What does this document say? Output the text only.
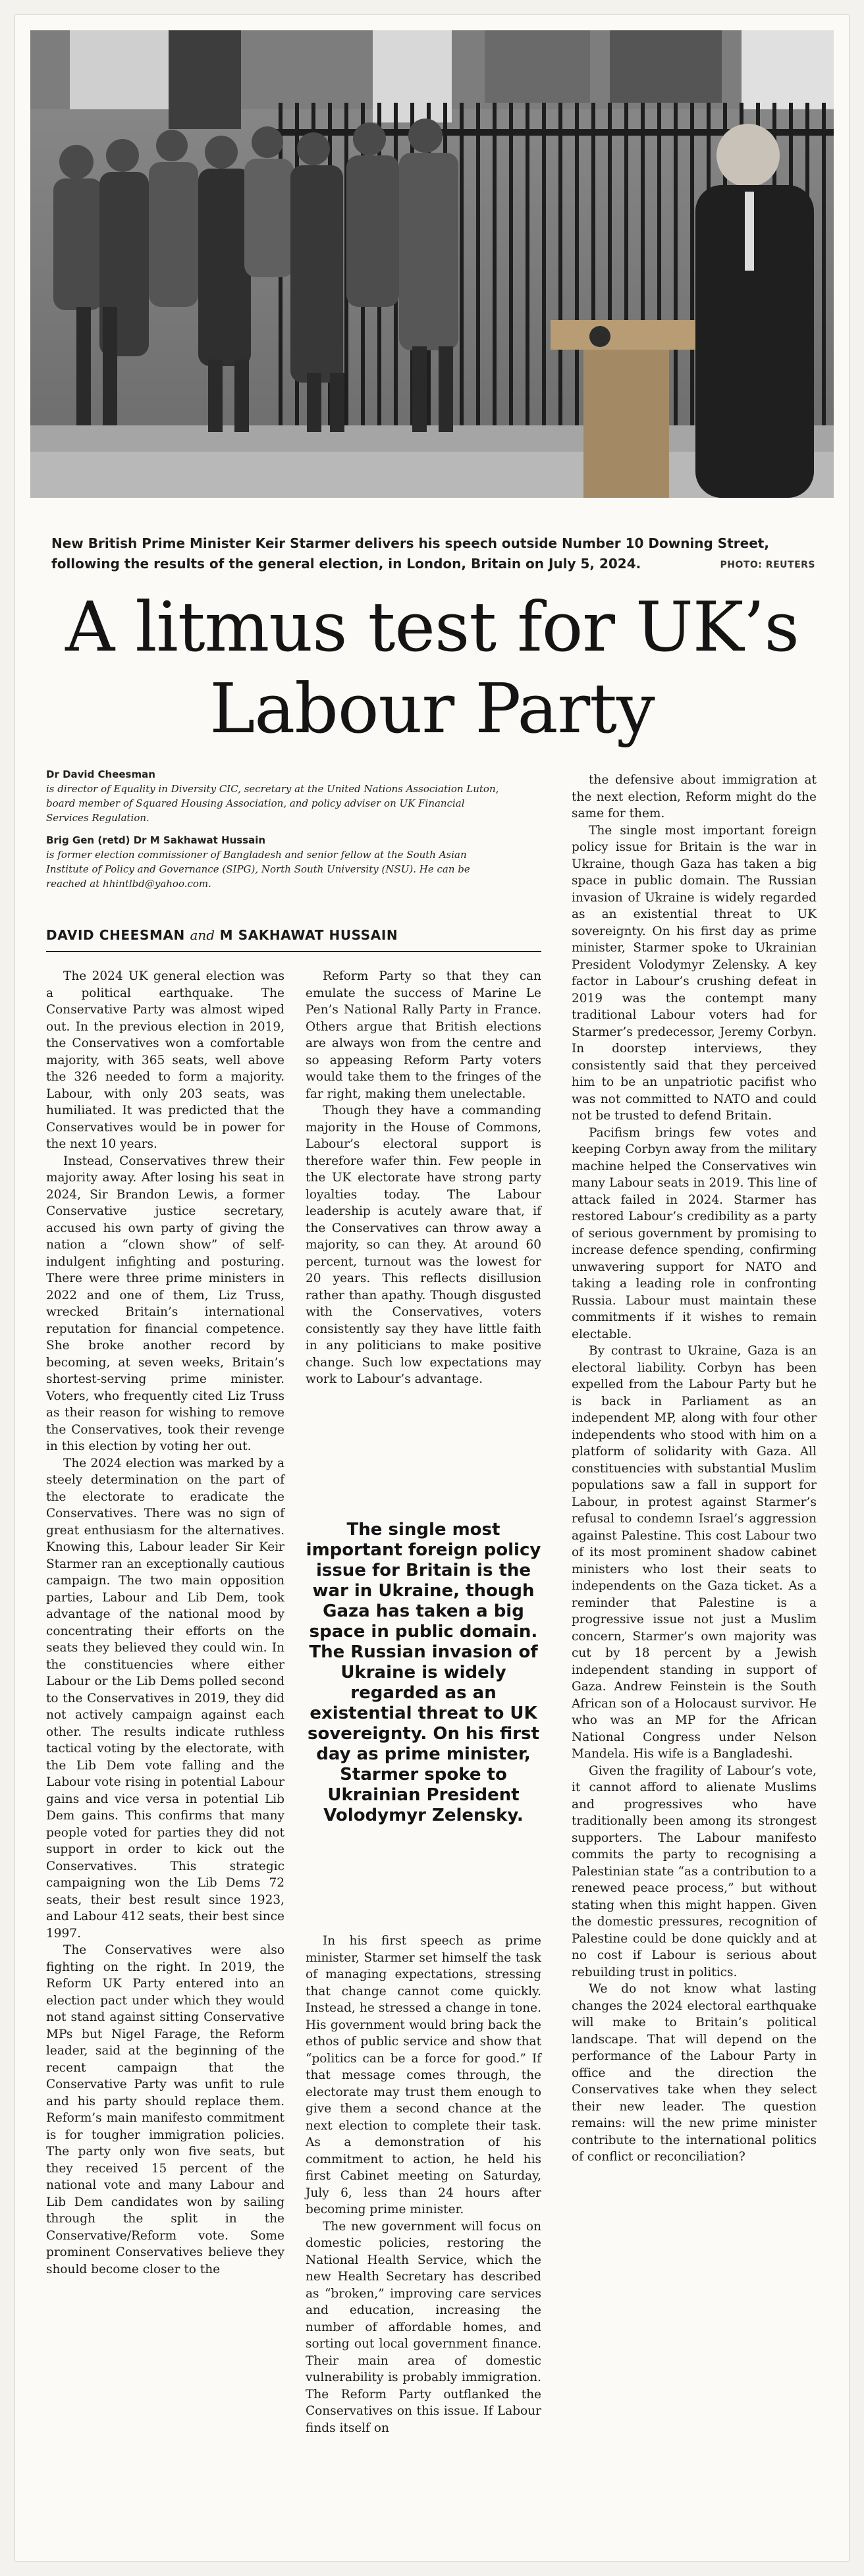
New British Prime Minister Keir Starmer delivers his speech outside Number 10 Downing Street, following the results of the general election, in London, Britain on July 5, 2024.	PHOTO: REUTERS
A litmus test for UK’s
Labour Party
Dr David Cheesman
is director of Equality in Diversity CIC, secretary at the United Nations Association Luton, board member of Squared Housing Association, and policy adviser on UK Financial Services Regulation.
Brig Gen (retd) Dr M Sakhawat Hussain
is former election commissioner of Bangladesh and senior fellow at the South Asian Institute of Policy and Governance (SIPG), North South University (NSU). He can be reached at hhintlbd@yahoo.com.
DAVID CHEESMAN and M SAKHAWAT HUSSAIN

The 2024 UK general election was a political earthquake. The Conservative Party was almost wiped out. In the previous election in 2019, the Conservatives won a comfortable majority, with 365 seats, well above the 326 needed to form a majority. Labour, with only 203 seats, was humiliated. It was predicted that the Conservatives would be in power for the next 10 years.

Instead, Conservatives threw their majority away. After losing his seat in 2024, Sir Brandon Lewis, a former Conservative justice secretary, accused his own party of giving the nation a “clown show” of self-indulgent infighting and posturing. There were three prime ministers in 2022 and one of them, Liz Truss, wrecked Britain’s international reputation for financial competence. She broke another record by becoming, at seven weeks, Britain’s shortest-serving prime minister. Voters, who frequently cited Liz Truss as their reason for wishing to remove the Conservatives, took their revenge in this election by voting her out.

The 2024 election was marked by a steely determination on the part of the electorate to eradicate the Conservatives. There was no sign of great enthusiasm for the alternatives. Knowing this, Labour leader Sir Keir Starmer ran an exceptionally cautious campaign. The two main opposition parties, Labour and Lib Dem, took advantage of the national mood by concentrating their efforts on the seats they believed they could win. In the constituencies where either Labour or the Lib Dems polled second to the Conservatives in 2019, they did not actively campaign against each other. The results indicate ruthless tactical voting by the electorate, with the Lib Dem vote falling and the Labour vote rising in potential Labour gains and vice versa in potential Lib Dem gains. This confirms that many people voted for parties they did not support in order to kick out the Conservatives. This strategic campaigning won the Lib Dems 72 seats, their best result since 1923, and Labour 412 seats, their best since 1997.

The Conservatives were also fighting on the right. In 2019, the Reform UK Party entered into an election pact under which they would not stand against sitting Conservative MPs but Nigel Farage, the Reform leader, said at the beginning of the recent campaign that the Conservative Party was unfit to rule and his party should replace them. Reform’s main manifesto commitment is for tougher immigration policies. The party only won five seats, but they received 15 percent of the national vote and many Labour and Lib Dem candidates won by sailing through the split in the Conservative/Reform vote. Some prominent Conservatives believe they should become closer to the

Reform Party so that they can emulate the success of Marine Le Pen’s National Rally Party in France. Others argue that British elections are always won from the centre and so appeasing Reform Party voters would take them to the fringes of the far right, making them unelectable.

Though they have a commanding majority in the House of Commons, Labour’s electoral support is therefore wafer thin. Few people in the UK electorate have strong party loyalties today. The Labour leadership is acutely aware that, if the Conservatives can throw away a majority, so can they. At around 60 percent, turnout was the lowest for 20 years. This reflects disillusion rather than apathy. Though disgusted with the Conservatives, voters consistently say they have little faith in any politicians to make positive change. Such low expectations may work to Labour’s advantage.

The single most important foreign policy issue for Britain is the war in Ukraine, though Gaza has taken a big space in public domain. The Russian invasion of Ukraine is widely regarded as an existential threat to UK sovereignty. On his first day as prime minister, Starmer spoke to Ukrainian President Volodymyr Zelensky.

In his first speech as prime minister, Starmer set himself the task of managing expectations, stressing that change cannot come quickly. Instead, he stressed a change in tone. His government would bring back the ethos of public service and show that “politics can be a force for good.” If that message comes through, the electorate may trust them enough to give them a second chance at the next election to complete their task. As a demonstration of his commitment to action, he held his first Cabinet meeting on Saturday, July 6, less than 24 hours after becoming prime minister.

The new government will focus on domestic policies, restoring the National Health Service, which the new Health Secretary has described as “broken,” improving care services and education, increasing the number of affordable homes, and sorting out local government finance. Their main area of domestic vulnerability is probably immigration. The Reform Party outflanked the Conservatives on this issue. If Labour finds itself on

the defensive about immigration at the next election, Reform might do the same for them.

The single most important foreign policy issue for Britain is the war in Ukraine, though Gaza has taken a big space in public domain. The Russian invasion of Ukraine is widely regarded as an existential threat to UK sovereignty. On his first day as prime minister, Starmer spoke to Ukrainian President Volodymyr Zelensky. A key factor in Labour’s crushing defeat in 2019 was the contempt many traditional Labour voters had for Starmer’s predecessor, Jeremy Corbyn. In doorstep interviews, they consistently said that they perceived him to be an unpatriotic pacifist who was not committed to NATO and could not be trusted to defend Britain.

Pacifism brings few votes and keeping Corbyn away from the military machine helped the Conservatives win many Labour seats in 2019. This line of attack failed in 2024. Starmer has restored Labour’s credibility as a party of serious government by promising to increase defence spending, confirming unwavering support for NATO and taking a leading role in confronting Russia. Labour must maintain these commitments if it wishes to remain electable.

By contrast to Ukraine, Gaza is an electoral liability. Corbyn has been expelled from the Labour Party but he is back in Parliament as an independent MP, along with four other independents who stood with him on a platform of solidarity with Gaza. All constituencies with substantial Muslim populations saw a fall in support for Labour, in protest against Starmer’s refusal to condemn Israel’s aggression against Palestine. This cost Labour two of its most prominent shadow cabinet ministers who lost their seats to independents on the Gaza ticket. As a reminder that Palestine is a progressive issue not just a Muslim concern, Starmer’s own majority was cut by 18 percent by a Jewish independent standing in support of Gaza. Andrew Feinstein is the South African son of a Holocaust survivor. He who was an MP for the African National Congress under Nelson Mandela. His wife is a Bangladeshi.

Given the fragility of Labour’s vote, it cannot afford to alienate Muslims and progressives who have traditionally been among its strongest supporters. The Labour manifesto commits the party to recognising a Palestinian state “as a contribution to a renewed peace process,” but without stating when this might happen. Given the domestic pressures, recognition of Palestine could be done quickly and at no cost if Labour is serious about rebuilding trust in politics.

We do not know what lasting changes the 2024 electoral earthquake will make to Britain’s political landscape. That will depend on the performance of the Labour Party in office and the direction the Conservatives take when they select their new leader. The question remains: will the new prime minister contribute to the international politics of conflict or reconciliation?
